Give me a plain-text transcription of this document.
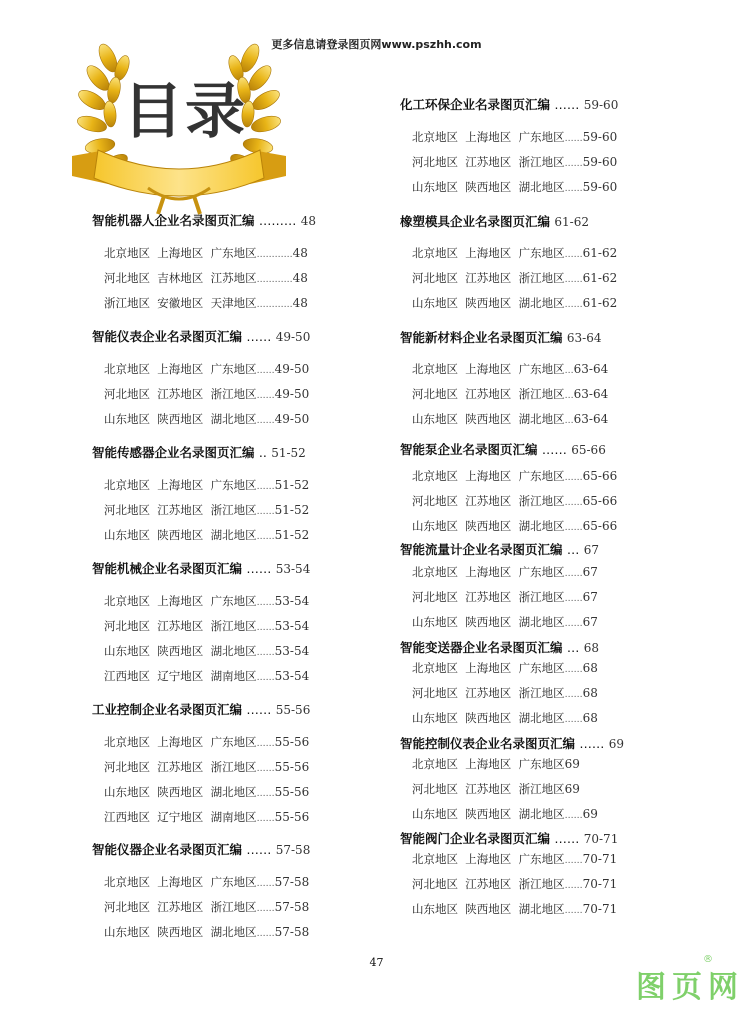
更多信息请登录图页网www.pszhh.com
目录
智能机器人企业名录图页汇编 ……… 48
北京地区  上海地区  广东地区…………48
河北地区  吉林地区  江苏地区…………48
浙江地区  安徽地区  天津地区…………48
智能仪表企业名录图页汇编 …… 49-50
北京地区  上海地区  广东地区……49-50
河北地区  江苏地区  浙江地区……49-50
山东地区  陕西地区  湖北地区……49-50
智能传感器企业名录图页汇编 .. 51-52
北京地区  上海地区  广东地区……51-52
河北地区  江苏地区  浙江地区……51-52
山东地区  陕西地区  湖北地区……51-52
智能机械企业名录图页汇编 …… 53-54
北京地区  上海地区  广东地区……53-54
河北地区  江苏地区  浙江地区……53-54
山东地区  陕西地区  湖北地区……53-54
江西地区  辽宁地区  湖南地区……53-54
工业控制企业名录图页汇编 …… 55-56
北京地区  上海地区  广东地区……55-56
河北地区  江苏地区  浙江地区……55-56
山东地区  陕西地区  湖北地区……55-56
江西地区  辽宁地区  湖南地区……55-56
智能仪器企业名录图页汇编 …… 57-58
北京地区  上海地区  广东地区……57-58
河北地区  江苏地区  浙江地区……57-58
山东地区  陕西地区  湖北地区……57-58
化工环保企业名录图页汇编 …… 59-60
北京地区  上海地区  广东地区……59-60
河北地区  江苏地区  浙江地区……59-60
山东地区  陕西地区  湖北地区……59-60
橡塑模具企业名录图页汇编 61-62
北京地区  上海地区  广东地区……61-62
河北地区  江苏地区  浙江地区……61-62
山东地区  陕西地区  湖北地区……61-62
智能新材料企业名录图页汇编 63-64
北京地区  上海地区  广东地区…63-64
河北地区  江苏地区  浙江地区…63-64
山东地区  陕西地区  湖北地区…63-64
智能泵企业名录图页汇编 …… 65-66
北京地区  上海地区  广东地区……65-66
河北地区  江苏地区  浙江地区……65-66
山东地区  陕西地区  湖北地区……65-66
智能流量计企业名录图页汇编 … 67
北京地区  上海地区  广东地区……67
河北地区  江苏地区  浙江地区……67
山东地区  陕西地区  湖北地区……67
智能变送器企业名录图页汇编 … 68
北京地区  上海地区  广东地区……68
河北地区  江苏地区  浙江地区……68
山东地区  陕西地区  湖北地区……68
智能控制仪表企业名录图页汇编 …… 69
北京地区  上海地区  广东地区69
河北地区  江苏地区  浙江地区69
山东地区  陕西地区  湖北地区……69
智能阀门企业名录图页汇编 …… 70-71
北京地区  上海地区  广东地区……70-71
河北地区  江苏地区  浙江地区……70-71
山东地区  陕西地区  湖北地区……70-71
47
图页网
®
